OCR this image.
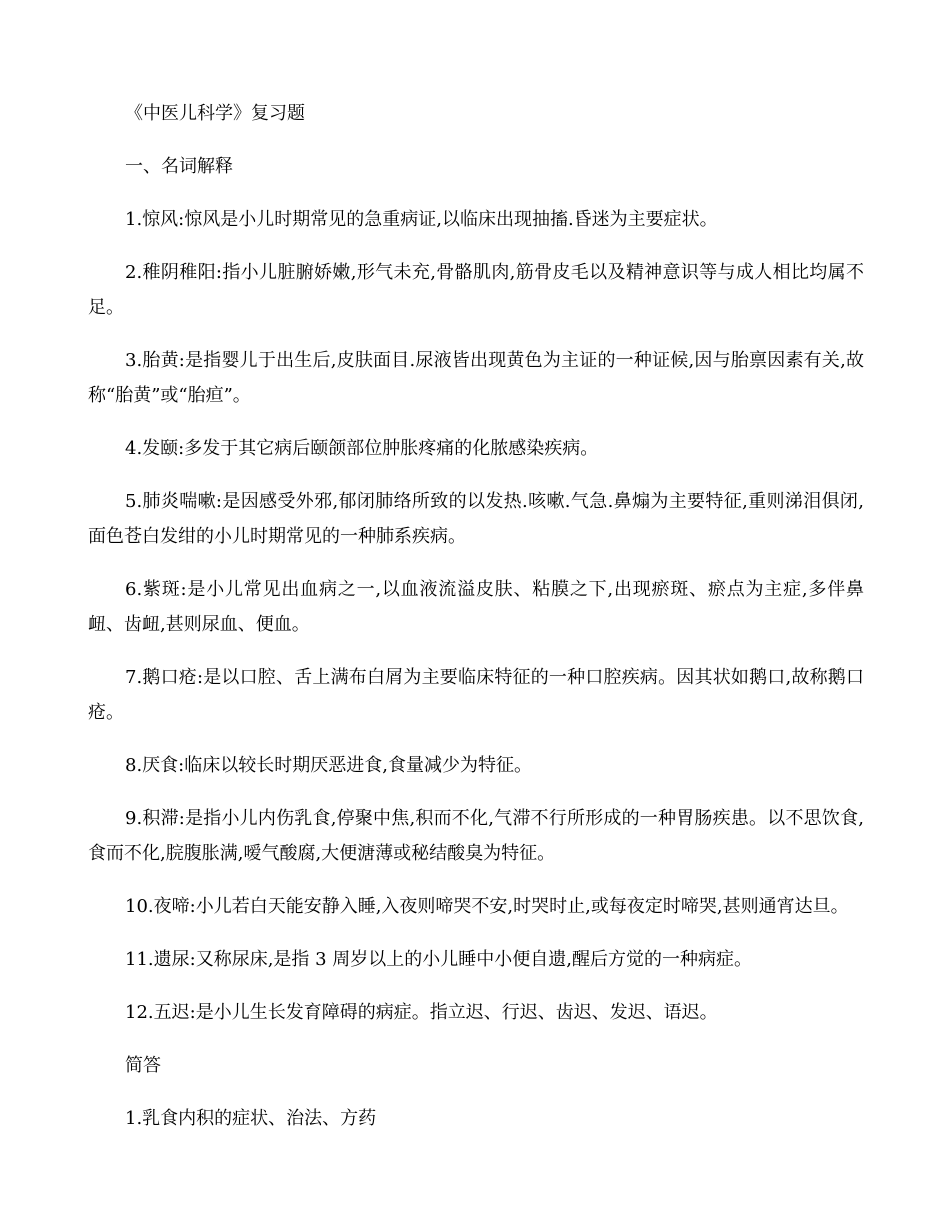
《中医儿科学》复习题

一、名词解释

1.惊风:惊风是小儿时期常见的急重病证,以临床出现抽搐.昏迷为主要症状。

2.稚阴稚阳:指小儿脏腑娇嫩,形气未充,骨骼肌肉,筋骨皮毛以及精神意识等与成人相比均属不足。

3.胎黄:是指婴儿于出生后,皮肤面目.尿液皆出现黄色为主证的一种证候,因与胎禀因素有关,故称“胎黄”或“胎疸”。

4.发颐:多发于其它病后颐颌部位肿胀疼痛的化脓感染疾病。

5.肺炎喘嗽:是因感受外邪,郁闭肺络所致的以发热.咳嗽.气急.鼻煽为主要特征,重则涕泪俱闭,面色苍白发绀的小儿时期常见的一种肺系疾病。

6.紫斑:是小儿常见出血病之一,以血液流溢皮肤、粘膜之下,出现瘀斑、瘀点为主症,多伴鼻衄、齿衄,甚则尿血、便血。

7.鹅口疮:是以口腔、舌上满布白屑为主要临床特征的一种口腔疾病。因其状如鹅口,故称鹅口疮。

8.厌食:临床以较长时期厌恶进食,食量减少为特征。

9.积滞:是指小儿内伤乳食,停聚中焦,积而不化,气滞不行所形成的一种胃肠疾患。以不思饮食,食而不化,脘腹胀满,嗳气酸腐,大便溏薄或秘结酸臭为特征。

10.夜啼:小儿若白天能安静入睡,入夜则啼哭不安,时哭时止,或每夜定时啼哭,甚则通宵达旦。

11.遗尿:又称尿床,是指 3 周岁以上的小儿睡中小便自遗,醒后方觉的一种病症。

12.五迟:是小儿生长发育障碍的病症。指立迟、行迟、齿迟、发迟、语迟。

简答

1.乳食内积的症状、治法、方药
